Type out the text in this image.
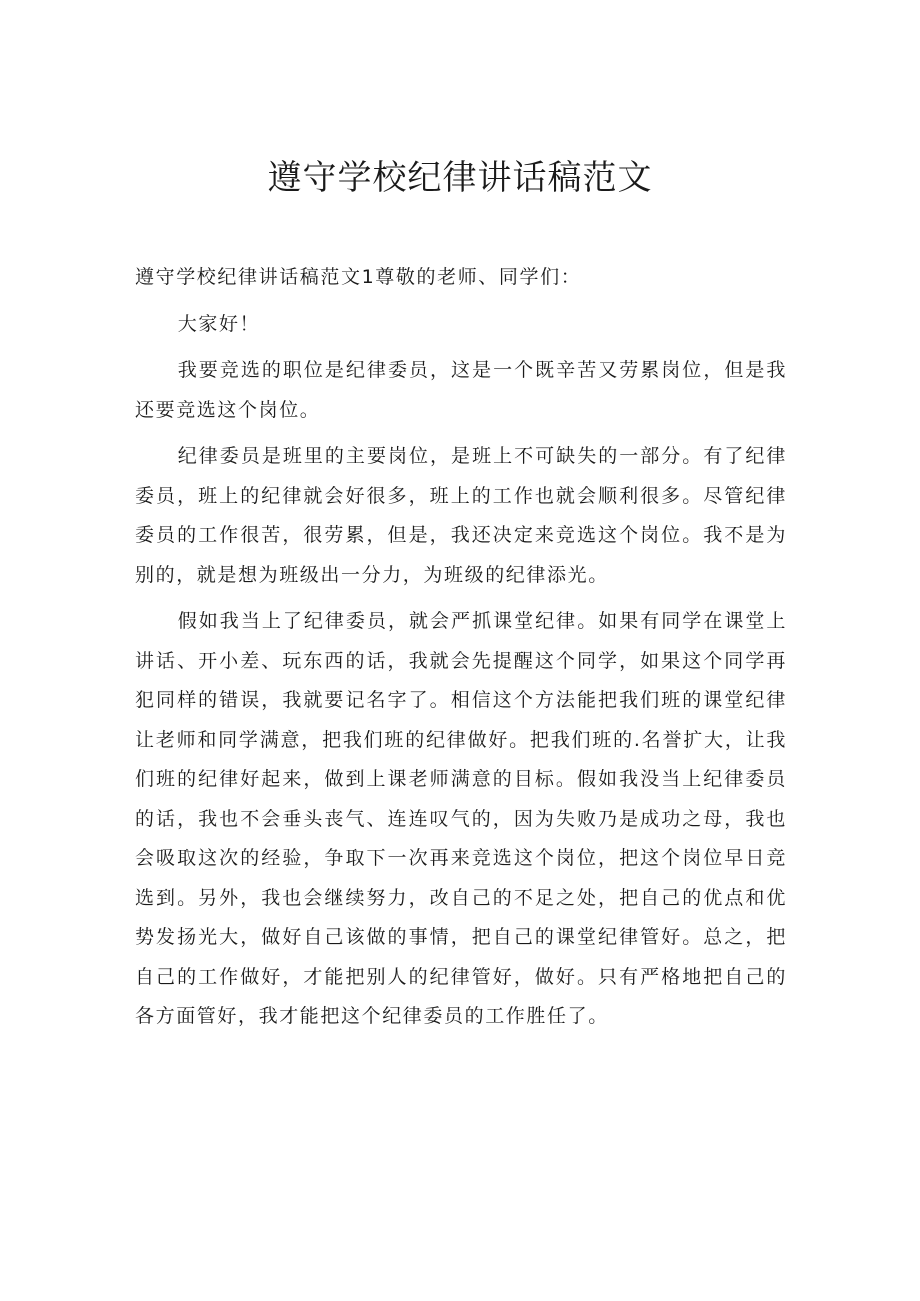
遵守学校纪律讲话稿范文

遵守学校纪律讲话稿范文1尊敬的老师、同学们：

大家好！

我要竞选的职位是纪律委员，这是一个既辛苦又劳累岗位，但是我还要竞选这个岗位。

纪律委员是班里的主要岗位，是班上不可缺失的一部分。有了纪律委员，班上的纪律就会好很多，班上的工作也就会顺利很多。尽管纪律委员的工作很苦，很劳累，但是，我还决定来竞选这个岗位。我不是为别的，就是想为班级出一分力，为班级的纪律添光。

假如我当上了纪律委员，就会严抓课堂纪律。如果有同学在课堂上讲话、开小差、玩东西的话，我就会先提醒这个同学，如果这个同学再犯同样的错误，我就要记名字了。相信这个方法能把我们班的课堂纪律让老师和同学满意，把我们班的纪律做好。把我们班的.名誉扩大，让我们班的纪律好起来，做到上课老师满意的目标。假如我没当上纪律委员的话，我也不会垂头丧气、连连叹气的，因为失败乃是成功之母，我也会吸取这次的经验，争取下一次再来竞选这个岗位，把这个岗位早日竞选到。另外，我也会继续努力，改自己的不足之处，把自己的优点和优势发扬光大，做好自己该做的事情，把自己的课堂纪律管好。总之，把自己的工作做好，才能把别人的纪律管好，做好。只有严格地把自己的各方面管好，我才能把这个纪律委员的工作胜任了。
